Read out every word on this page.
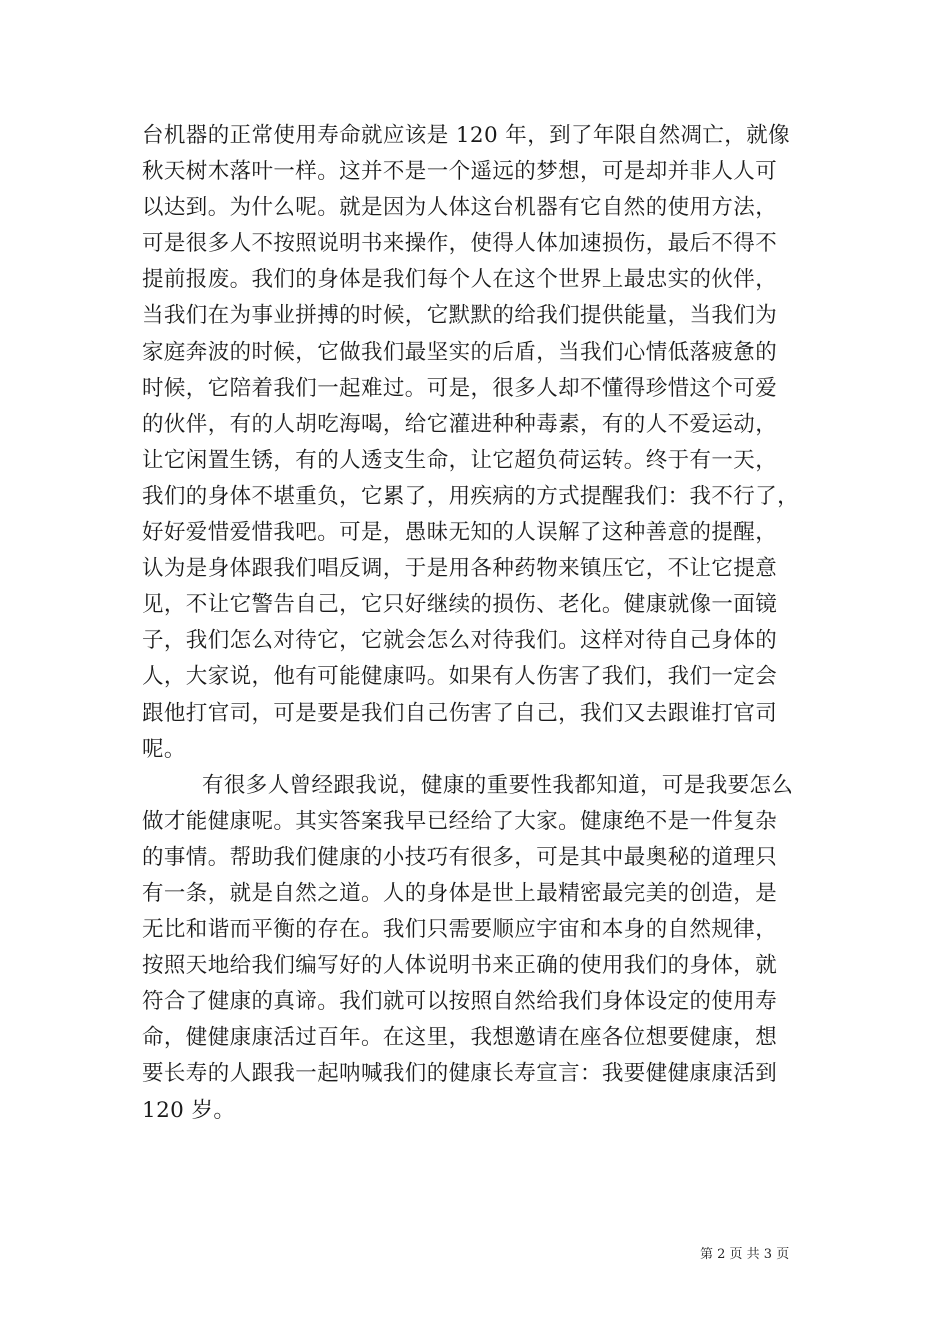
台机器的正常使用寿命就应该是 120 年，到了年限自然凋亡，就像
秋天树木落叶一样。这并不是一个遥远的梦想，可是却并非人人可
以达到。为什么呢。就是因为人体这台机器有它自然的使用方法，
可是很多人不按照说明书来操作，使得人体加速损伤，最后不得不
提前报废。我们的身体是我们每个人在这个世界上最忠实的伙伴，
当我们在为事业拼搏的时候，它默默的给我们提供能量，当我们为
家庭奔波的时候，它做我们最坚实的后盾，当我们心情低落疲惫的
时候，它陪着我们一起难过。可是，很多人却不懂得珍惜这个可爱
的伙伴，有的人胡吃海喝，给它灌进种种毒素，有的人不爱运动，
让它闲置生锈，有的人透支生命，让它超负荷运转。终于有一天，
我们的身体不堪重负，它累了，用疾病的方式提醒我们：我不行了，
好好爱惜爱惜我吧。可是，愚昧无知的人误解了这种善意的提醒，
认为是身体跟我们唱反调，于是用各种药物来镇压它，不让它提意
见，不让它警告自己，它只好继续的损伤、老化。健康就像一面镜
子，我们怎么对待它，它就会怎么对待我们。这样对待自己身体的
人，大家说，他有可能健康吗。如果有人伤害了我们，我们一定会
跟他打官司，可是要是我们自己伤害了自己，我们又去跟谁打官司
呢。
有很多人曾经跟我说，健康的重要性我都知道，可是我要怎么
做才能健康呢。其实答案我早已经给了大家。健康绝不是一件复杂
的事情。帮助我们健康的小技巧有很多，可是其中最奥秘的道理只
有一条，就是自然之道。人的身体是世上最精密最完美的创造，是
无比和谐而平衡的存在。我们只需要顺应宇宙和本身的自然规律，
按照天地给我们编写好的人体说明书来正确的使用我们的身体，就
符合了健康的真谛。我们就可以按照自然给我们身体设定的使用寿
命，健健康康活过百年。在这里，我想邀请在座各位想要健康，想
要长寿的人跟我一起呐喊我们的健康长寿宣言：我要健健康康活到
120 岁。
第 2 页 共 3 页
